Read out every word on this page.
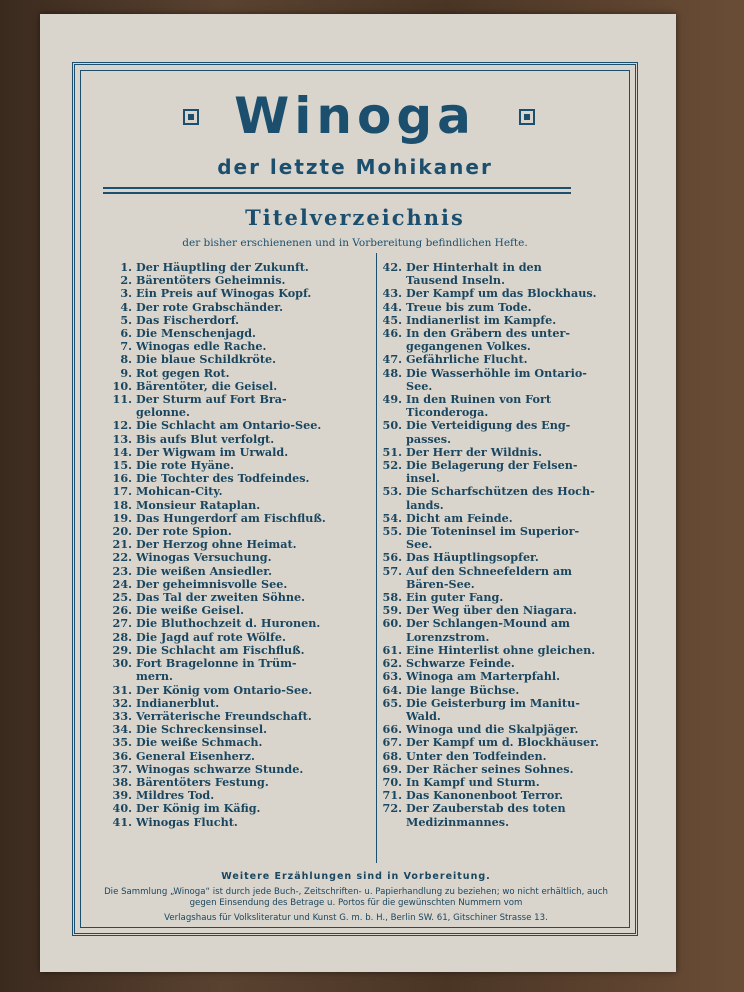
Winoga
der letzte Mohikaner
Titelverzeichnis
der bisher erschienenen und in Vorbereitung befindlichen Hefte.
1. Der Häuptling der Zukunft.
2. Bärentöters Geheimnis.
3. Ein Preis auf Winogas Kopf.
4. Der rote Grabschänder.
5. Das Fischerdorf.
6. Die Menschenjagd.
7. Winogas edle Rache.
8. Die blaue Schildkröte.
9. Rot gegen Rot.
10. Bärentöter, die Geisel.
11. Der Sturm auf Fort Bra-
gelonne.
12. Die Schlacht am Ontario-See.
13. Bis aufs Blut verfolgt.
14. Der Wigwam im Urwald.
15. Die rote Hyäne.
16. Die Tochter des Todfeindes.
17. Mohican-City.
18. Monsieur Rataplan.
19. Das Hungerdorf am Fischfluß.
20. Der rote Spion.
21. Der Herzog ohne Heimat.
22. Winogas Versuchung.
23. Die weißen Ansiedler.
24. Der geheimnisvolle See.
25. Das Tal der zweiten Söhne.
26. Die weiße Geisel.
27. Die Bluthochzeit d. Huronen.
28. Die Jagd auf rote Wölfe.
29. Die Schlacht am Fischfluß.
30. Fort Bragelonne in Trüm-
mern.
31. Der König vom Ontario-See.
32. Indianerblut.
33. Verräterische Freundschaft.
34. Die Schreckensinsel.
35. Die weiße Schmach.
36. General Eisenherz.
37. Winogas schwarze Stunde.
38. Bärentöters Festung.
39. Mildres Tod.
40. Der König im Käfig.
41. Winogas Flucht.
42. Der Hinterhalt in den
Tausend Inseln.
43. Der Kampf um das Blockhaus.
44. Treue bis zum Tode.
45. Indianerlist im Kampfe.
46. In den Gräbern des unter-
gegangenen Volkes.
47. Gefährliche Flucht.
48. Die Wasserhöhle im Ontario-
See.
49. In den Ruinen von Fort
Ticonderoga.
50. Die Verteidigung des Eng-
passes.
51. Der Herr der Wildnis.
52. Die Belagerung der Felsen-
insel.
53. Die Scharfschützen des Hoch-
lands.
54. Dicht am Feinde.
55. Die Toteninsel im Superior-
See.
56. Das Häuptlingsopfer.
57. Auf den Schneefeldern am
Bären-See.
58. Ein guter Fang.
59. Der Weg über den Niagara.
60. Der Schlangen-Mound am
Lorenzstrom.
61. Eine Hinterlist ohne gleichen.
62. Schwarze Feinde.
63. Winoga am Marterpfahl.
64. Die lange Büchse.
65. Die Geisterburg im Manitu-
Wald.
66. Winoga und die Skalpjäger.
67. Der Kampf um d. Blockhäuser.
68. Unter den Todfeinden.
69. Der Rächer seines Sohnes.
70. In Kampf und Sturm.
71. Das Kanonenboot Terror.
72. Der Zauberstab des toten
Medizinmannes.
Weitere Erzählungen sind in Vorbereitung.
Die Sammlung „Winoga“ ist durch jede Buch-, Zeitschriften- u. Papierhandlung zu beziehen; wo nicht erhältlich, auch gegen Einsendung des Betrage u. Portos für die gewünschten Nummern vom
Verlagshaus für Volksliteratur und Kunst G. m. b. H., Berlin SW. 61, Gitschiner Strasse 13.
